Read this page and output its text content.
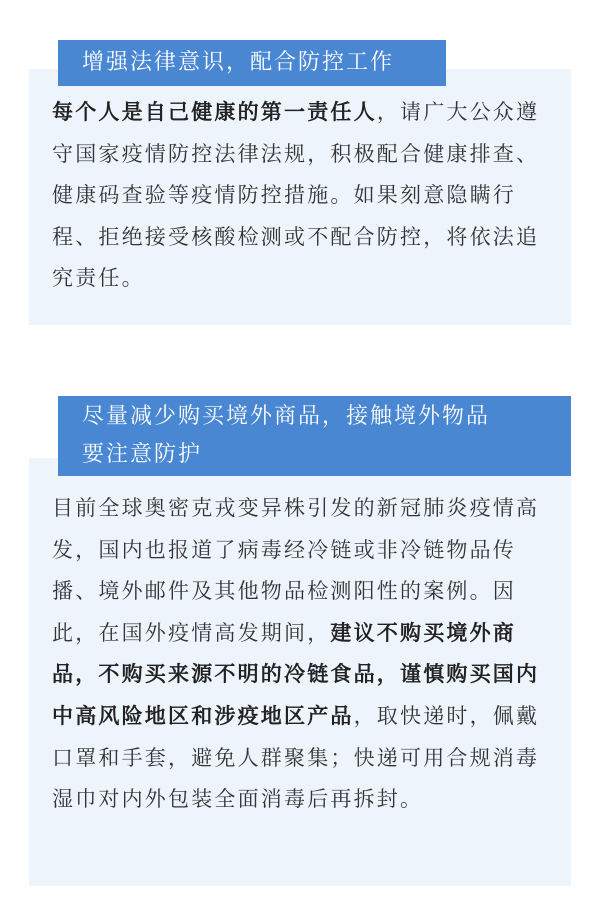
增强法律意识，配合防控工作

每个人是自己健康的第一责任人，请广大公众遵守国家疫情防控法律法规，积极配合健康排查、健康码查验等疫情防控措施。如果刻意隐瞒行程、拒绝接受核酸检测或不配合防控，将依法追究责任。

尽量减少购买境外商品，接触境外物品
要注意防护

目前全球奥密克戎变异株引发的新冠肺炎疫情高发，国内也报道了病毒经冷链或非冷链物品传播、境外邮件及其他物品检测阳性的案例。因此，在国外疫情高发期间，建议不购买境外商品，不购买来源不明的冷链食品，谨慎购买国内中高风险地区和涉疫地区产品，取快递时，佩戴口罩和手套，避免人群聚集；快递可用合规消毒湿巾对内外包装全面消毒后再拆封。
